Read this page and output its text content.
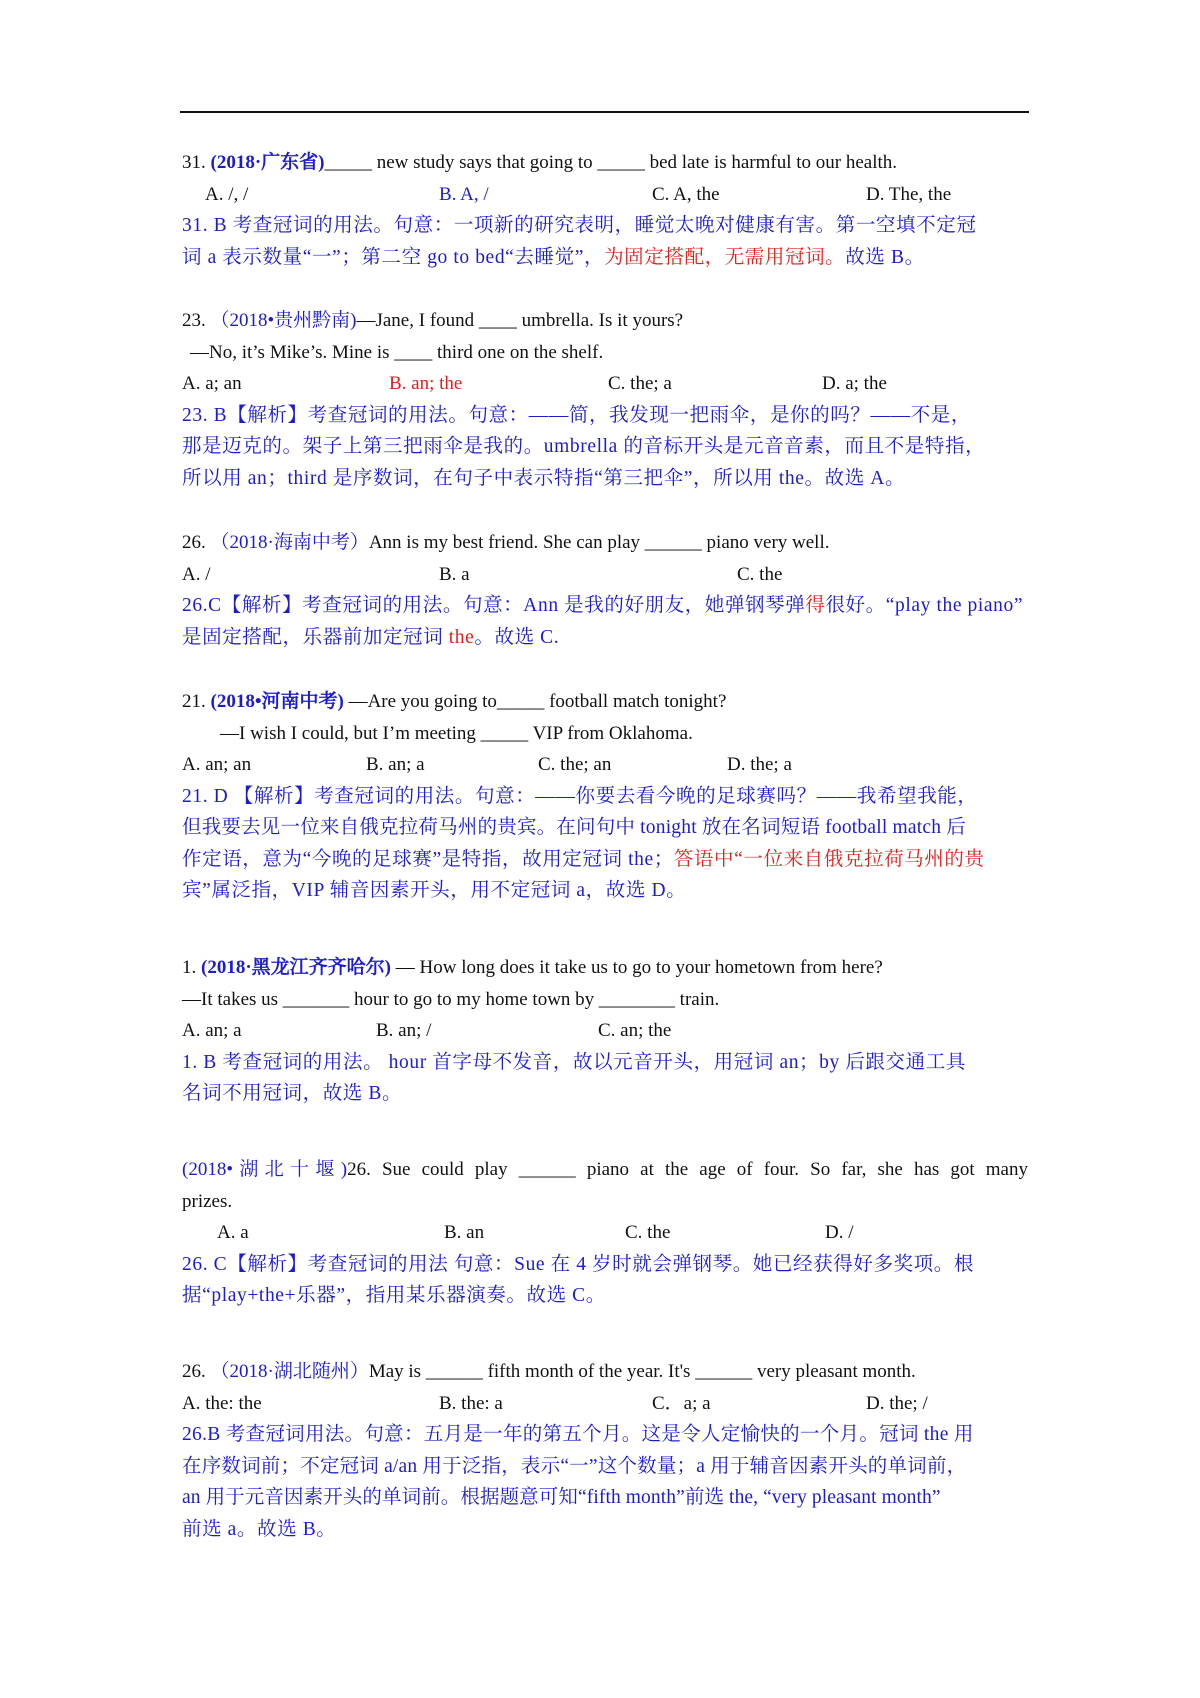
31. (2018·广东省)_____ new study says that going to _____ bed late is harmful to our health.
A. /, /	B. A, /	C. A, the	D. The, the
31. B 考查冠词的用法。句意：一项新的研究表明，睡觉太晚对健康有害。第一空填不定冠
词 a 表示数量“一”；第二空 go to bed“去睡觉”，为固定搭配，无需用冠词。故选 B。
23. （2018•贵州黔南)—Jane, I found ____ umbrella. Is it yours?
—No, it’s Mike’s. Mine is ____ third one on the shelf.
A. a; an	B. an; the	C. the; a	D. a; the
23. B【解析】考查冠词的用法。句意：——简，我发现一把雨伞，是你的吗？——不是，
那是迈克的。架子上第三把雨伞是我的。umbrella 的音标开头是元音音素，而且不是特指，
所以用 an；third 是序数词，在句子中表示特指“第三把伞”，所以用 the。故选 A。
26. （2018·海南中考）Ann is my best friend. She can play ______ piano very well.
A. /	B. a	C. the
26.C【解析】考查冠词的用法。句意：Ann 是我的好朋友，她弹钢琴弹得很好。“play the piano”
是固定搭配，乐器前加定冠词 the。故选 C.
21. (2018•河南中考) —Are you going to_____ football match tonight?
—I wish I could, but I’m meeting _____ VIP from Oklahoma.
A. an; an	B. an; a	C. the; an	D. the; a
21. D 【解析】考查冠词的用法。句意：——你要去看今晚的足球赛吗？——我希望我能，
但我要去见一位来自俄克拉荷马州的贵宾。在问句中 tonight 放在名词短语 football match 后
作定语，意为“今晚的足球赛”是特指，故用定冠词 the；答语中“一位来自俄克拉荷马州的贵
宾”属泛指，VIP 辅音因素开头，用不定冠词 a，故选 D。
1. (2018·黑龙江齐齐哈尔) — How long does it take us to go to your hometown from here?
—It takes us _______ hour to go to my home town by ________ train.
A. an; a	B. an; /	C. an; the
1. B 考查冠词的用法。 hour 首字母不发音，故以元音开头，用冠词 an；by 后跟交通工具
名词不用冠词，故选 B。
(2018•湖北十堰)26. Sue could play ______ piano at the age of four. So far, she has got many
prizes.
A. a	B. an	C. the	D. /
26. C【解析】考查冠词的用法 句意：Sue 在 4 岁时就会弹钢琴。她已经获得好多奖项。根
据“play+the+乐器”，指用某乐器演奏。故选 C。
26. （2018·湖北随州）May is ______ fifth month of the year. It's ______ very pleasant month.
A. the: the	B. the: a	C．a; a	D. the; /
26.B 考查冠词用法。句意：五月是一年的第五个月。这是令人定愉快的一个月。冠词 the 用
在序数词前；不定冠词 a/an 用于泛指，表示“一”这个数量；a 用于辅音因素开头的单词前，
an 用于元音因素开头的单词前。根据题意可知“fifth month”前选 the, “very pleasant month”
前选 a。故选 B。
